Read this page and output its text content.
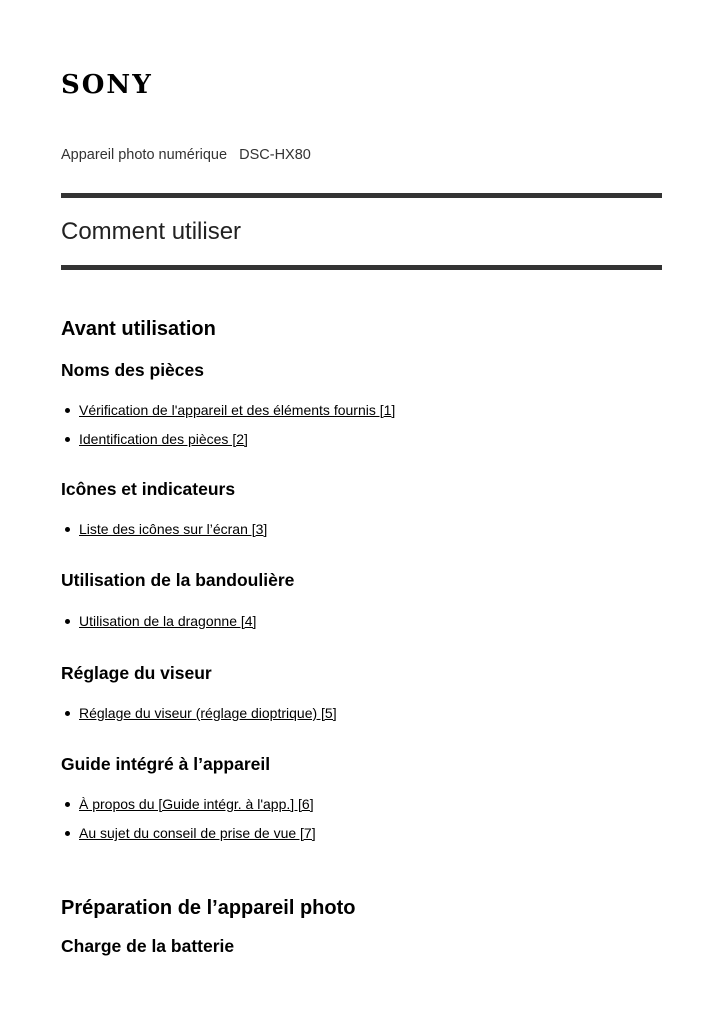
SONY
Appareil photo numérique   DSC-HX80
Comment utiliser
Avant utilisation
Noms des pièces
Vérification de l'appareil et des éléments fournis [1]
Identification des pièces [2]
Icônes et indicateurs
Liste des icônes sur l’écran [3]
Utilisation de la bandoulière
Utilisation de la dragonne [4]
Réglage du viseur
Réglage du viseur (réglage dioptrique) [5]
Guide intégré à l’appareil
À propos du [Guide intégr. à l'app.] [6]
Au sujet du conseil de prise de vue [7]
Préparation de l’appareil photo
Charge de la batterie
